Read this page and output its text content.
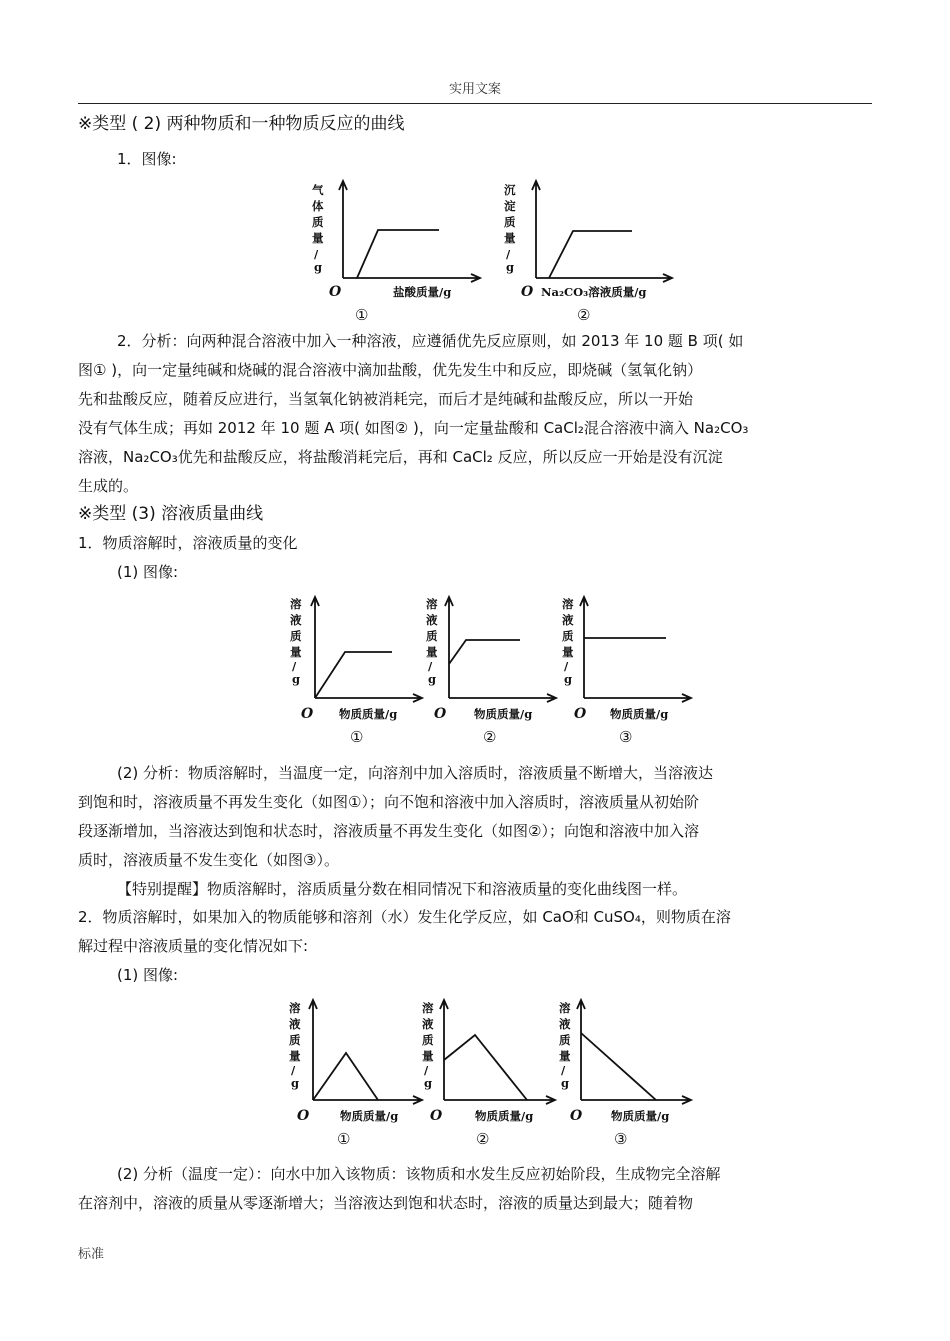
实用文案
※类型 ( 2) 两种物质和一种物质反应的曲线
1．图像:
气
体
质
量
/
g
O	盐酸质量/g
①
沉
淀
质
量
/
g
O Na₂CO₃溶液质量/g
②
2．分析：向两种混合溶液中加入一种溶液，应遵循优先反应原则，如 2013 年 10 题 B 项( 如
图① )，向一定量纯碱和烧碱的混合溶液中滴加盐酸，优先发生中和反应，即烧碱（氢氧化钠）
先和盐酸反应，随着反应进行，当氢氧化钠被消耗完，而后才是纯碱和盐酸反应，所以一开始
没有气体生成；再如 2012 年 10 题 A 项( 如图② )，向一定量盐酸和 CaCl₂混合溶液中滴入 Na₂CO₃
溶液，Na₂CO₃优先和盐酸反应，将盐酸消耗完后，再和 CaCl₂ 反应，所以反应一开始是没有沉淀
生成的。
※类型 (3) 溶液质量曲线
1．物质溶解时，溶液质量的变化
(1) 图像:
溶
液
质
量
/
g
O 物质质量/g
①
溶
液
质
量
/
g
O 物质质量/g
②
溶
液
质
量
/
g
O 物质质量/g
③
(2) 分析：物质溶解时，当温度一定，向溶剂中加入溶质时，溶液质量不断增大，当溶液达
到饱和时，溶液质量不再发生变化（如图①）；向不饱和溶液中加入溶质时，溶液质量从初始阶
段逐渐增加，当溶液达到饱和状态时，溶液质量不再发生变化（如图②）；向饱和溶液中加入溶
质时，溶液质量不发生变化（如图③）。
【特别提醒】物质溶解时，溶质质量分数在相同情况下和溶液质量的变化曲线图一样。
2．物质溶解时，如果加入的物质能够和溶剂（水）发生化学反应，如 CaO和 CuSO₄，则物质在溶
解过程中溶液质量的变化情况如下:
(1) 图像:
溶
液
质
量
/
g
O	物质质量/g
①
溶
液
质
量
/
g
O	物质质量/g
②
溶
液
质
量
/
g
O	物质质量/g
③
(2) 分析（温度一定）：向水中加入该物质：该物质和水发生反应初始阶段，生成物完全溶解
在溶剂中，溶液的质量从零逐渐增大；当溶液达到饱和状态时，溶液的质量达到最大；随着物
标准
